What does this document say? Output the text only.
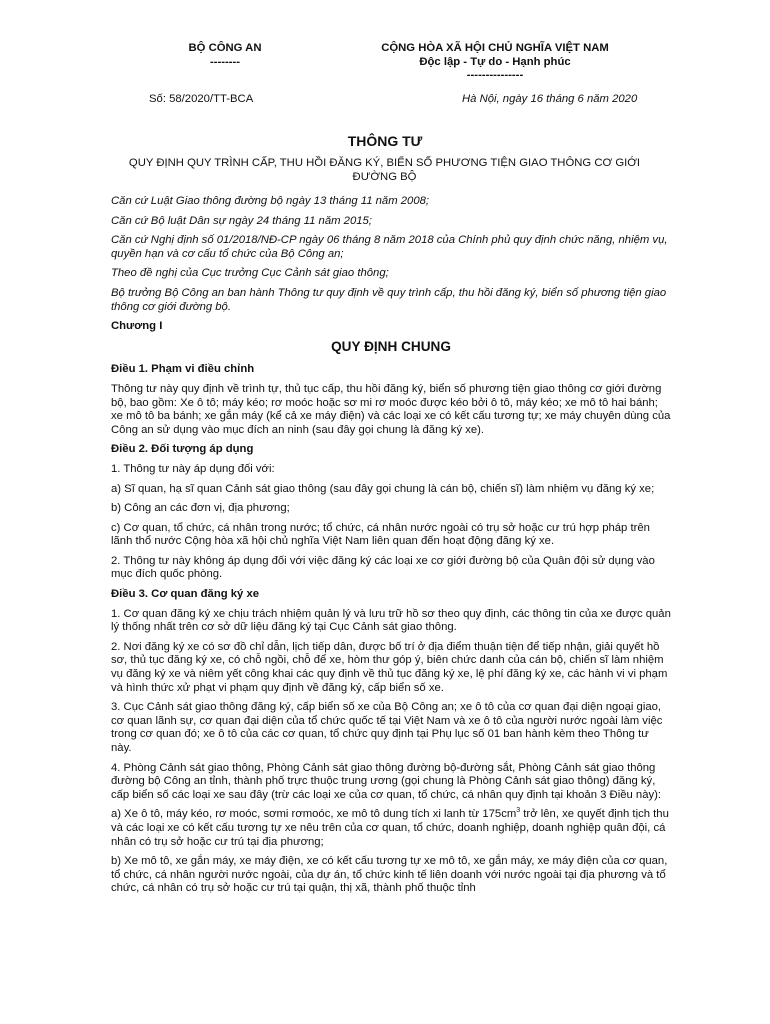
BỘ CÔNG AN
--------
CỘNG HÒA XÃ HỘI CHỦ NGHĨA VIỆT NAM
Độc lập - Tự do - Hạnh phúc
---------------
Số: 58/2020/TT-BCA	Hà Nội, ngày 16 tháng 6 năm 2020
THÔNG TƯ
QUY ĐỊNH QUY TRÌNH CẤP, THU HỒI ĐĂNG KÝ, BIỂN SỐ PHƯƠNG TIỆN GIAO THÔNG CƠ GIỚI ĐƯỜNG BỘ

Căn cứ Luật Giao thông đường bộ ngày 13 tháng 11 năm 2008;

Căn cứ Bộ luật Dân sự ngày 24 tháng 11 năm 2015;

Căn cứ Nghị định số 01/2018/NĐ-CP ngày 06 tháng 8 năm 2018 của Chính phủ quy định chức năng, nhiệm vụ, quyền hạn và cơ cấu tổ chức của Bộ Công an;

Theo đề nghị của Cục trưởng Cục Cảnh sát giao thông;

Bộ trưởng Bộ Công an ban hành Thông tư quy định về quy trình cấp, thu hồi đăng ký, biển số phương tiện giao thông cơ giới đường bộ.

Chương I

QUY ĐỊNH CHUNG

Điều 1. Phạm vi điều chỉnh

Thông tư này quy định về trình tự, thủ tục cấp, thu hồi đăng ký, biển số phương tiện giao thông cơ giới đường bộ, bao gồm: Xe ô tô; máy kéo; rơ moóc hoặc sơ mi rơ moóc được kéo bởi ô tô, máy kéo; xe mô tô hai bánh; xe mô tô ba bánh; xe gắn máy (kể cả xe máy điện) và các loại xe có kết cấu tương tự; xe máy chuyên dùng của Công an sử dụng vào mục đích an ninh (sau đây gọi chung là đăng ký xe).

Điều 2. Đối tượng áp dụng

1. Thông tư này áp dụng đối với:

a) Sĩ quan, hạ sĩ quan Cảnh sát giao thông (sau đây gọi chung là cán bộ, chiến sĩ) làm nhiệm vụ đăng ký xe;

b) Công an các đơn vị, địa phương;

c) Cơ quan, tổ chức, cá nhân trong nước; tổ chức, cá nhân nước ngoài có trụ sở hoặc cư trú hợp pháp trên lãnh thổ nước Cộng hòa xã hội chủ nghĩa Việt Nam liên quan đến hoạt động đăng ký xe.

2. Thông tư này không áp dụng đối với việc đăng ký các loại xe cơ giới đường bộ của Quân đội sử dụng vào mục đích quốc phòng.

Điều 3. Cơ quan đăng ký xe

1. Cơ quan đăng ký xe chịu trách nhiệm quản lý và lưu trữ hồ sơ theo quy định, các thông tin của xe được quản lý thống nhất trên cơ sở dữ liệu đăng ký tại Cục Cảnh sát giao thông.

2. Nơi đăng ký xe có sơ đồ chỉ dẫn, lịch tiếp dân, được bố trí ở địa điểm thuận tiện để tiếp nhận, giải quyết hồ sơ, thủ tục đăng ký xe, có chỗ ngồi, chỗ để xe, hòm thư góp ý, biên chức danh của cán bộ, chiến sĩ làm nhiệm vụ đăng ký xe và niêm yết công khai các quy định về thủ tục đăng ký xe, lệ phí đăng ký xe, các hành vi vi phạm và hình thức xử phạt vi phạm quy định về đăng ký, cấp biển số xe.

3. Cục Cảnh sát giao thông đăng ký, cấp biển số xe của Bộ Công an; xe ô tô của cơ quan đại diện ngoại giao, cơ quan lãnh sự, cơ quan đại diện của tổ chức quốc tế tại Việt Nam và xe ô tô của người nước ngoài làm việc trong cơ quan đó; xe ô tô của các cơ quan, tổ chức quy định tại Phụ lục số 01 ban hành kèm theo Thông tư này.

4. Phòng Cảnh sát giao thông, Phòng Cảnh sát giao thông đường bộ-đường sắt, Phòng Cảnh sát giao thông đường bộ Công an tỉnh, thành phố trực thuộc trung ương (gọi chung là Phòng Cảnh sát giao thông) đăng ký, cấp biển số các loại xe sau đây (trừ các loại xe của cơ quan, tổ chức, cá nhân quy định tại khoản 3 Điều này):

a) Xe ô tô, máy kéo, rơ moóc, sơmi rơmoóc, xe mô tô dung tích xi lanh từ $175cm^3$ trở lên, xe quyết định tịch thu và các loại xe có kết cấu tương tự xe nêu trên của cơ quan, tổ chức, doanh nghiệp, doanh nghiệp quân đội, cá nhân có trụ sở hoặc cư trú tại địa phương;

b) Xe mô tô, xe gắn máy, xe máy điện, xe có kết cấu tương tự xe mô tô, xe gắn máy, xe máy điện của cơ quan, tổ chức, cá nhân người nước ngoài, của dự án, tổ chức kinh tế liên doanh với nước ngoài tại địa phương và tổ chức, cá nhân có trụ sở hoặc cư trú tại quận, thị xã, thành phố thuộc tỉnh
